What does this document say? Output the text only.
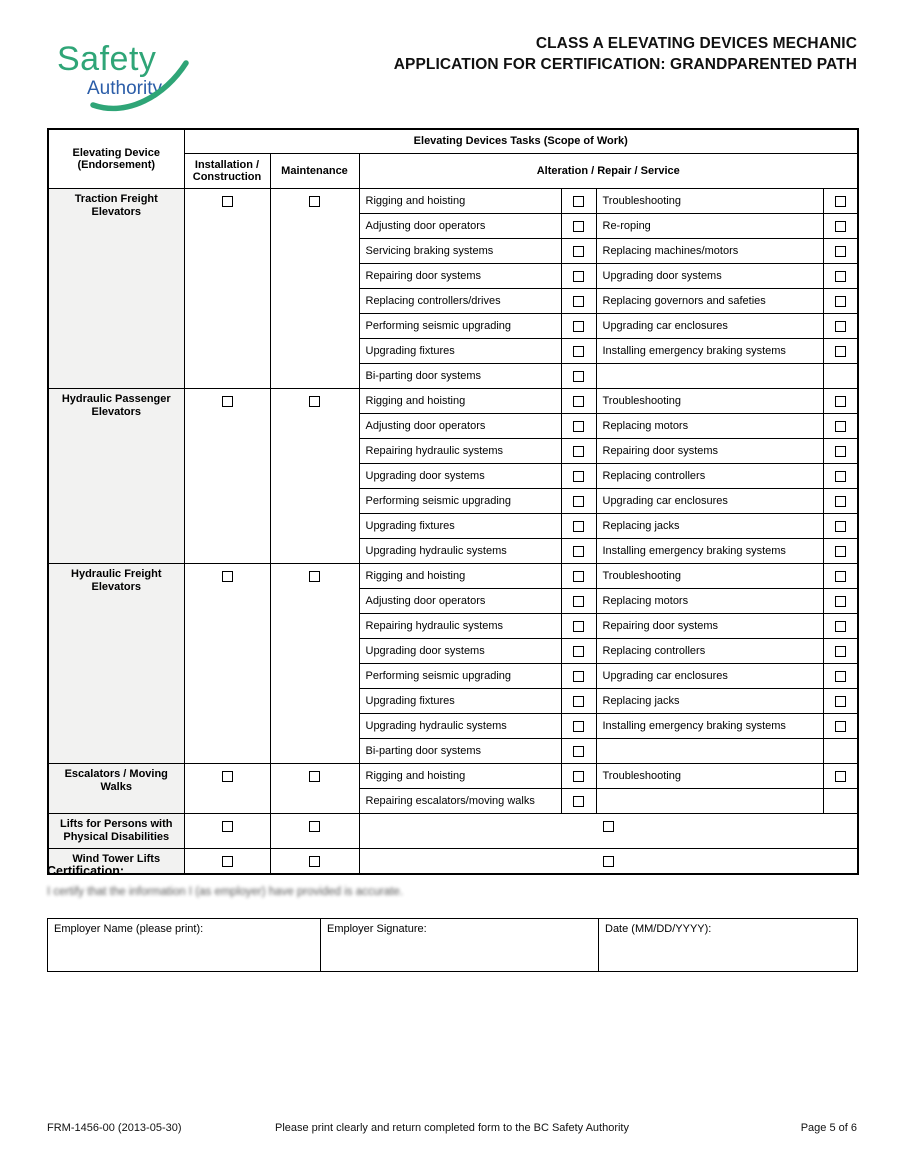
Safety
Authority
CLASS A ELEVATING DEVICES MECHANIC
APPLICATION FOR CERTIFICATION: GRANDPARENTED PATH
Elevating Device (Endorsement)	Elevating Devices Tasks (Scope of Work)					
	Installation / Construction	Maintenance	Alteration / Repair / Service			
Traction Freight Elevators			Rigging and hoisting		Troubleshooting	
			Adjusting door operators		Re-roping	
			Servicing braking systems		Replacing machines/motors	
			Repairing door systems		Upgrading door systems	
			Replacing controllers/drives		Replacing governors and safeties	
			Performing seismic upgrading		Upgrading car enclosures	
			Upgrading fixtures		Installing emergency braking systems	
			Bi-parting door systems			
Hydraulic Passenger Elevators			Rigging and hoisting		Troubleshooting	
			Adjusting door operators		Replacing motors	
			Repairing hydraulic systems		Repairing door systems	
			Upgrading door systems		Replacing controllers	
			Performing seismic upgrading		Upgrading car enclosures	
			Upgrading fixtures		Replacing jacks	
			Upgrading hydraulic systems		Installing emergency braking systems	
Hydraulic Freight Elevators			Rigging and hoisting		Troubleshooting	
			Adjusting door operators		Replacing motors	
			Repairing hydraulic systems		Repairing door systems	
			Upgrading door systems		Replacing controllers	
			Performing seismic upgrading		Upgrading car enclosures	
			Upgrading fixtures		Replacing jacks	
			Upgrading hydraulic systems		Installing emergency braking systems	
			Bi-parting door systems			
Escalators / Moving Walks			Rigging and hoisting		Troubleshooting	
			Repairing escalators/moving walks			
Lifts for Persons with Physical Disabilities						
Wind Tower Lifts						
Certification:
I certify that the information I (as employer) have provided is accurate.
Employer Name (please print):	Employer Signature:	Date (MM/DD/YYYY):
Please print clearly and return completed form to the BC Safety Authority
FRM-1456-00 (2013-05-30)	Page 5 of 6
